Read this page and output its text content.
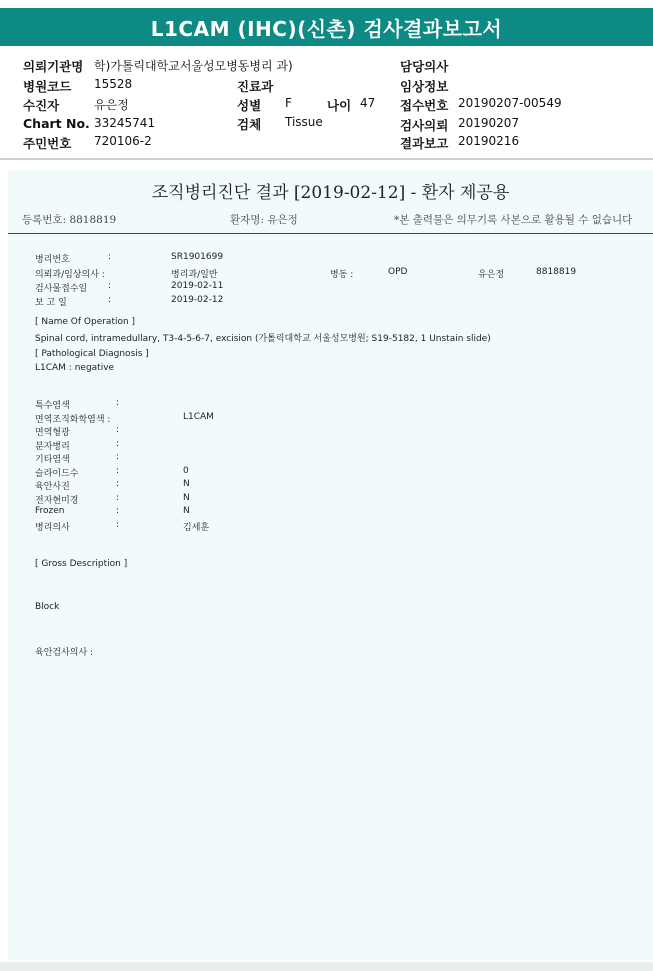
L1CAM (IHC)(신촌) 검사결과보고서
의뢰기관명 학)가톨릭대학교서울성모병동병리 과)	담당의사
병원코드 15528	진료과	임상정보
수진자	유은정	성별 F	나이 47 접수번호 20190207-00549
Chart No. 33245741	검체 Tissue	검사의뢰 20190207
주민번호 720106-2	결과보고 20190216
조직병리진단 결과 [2019-02-12] - 환자 제공용
등록번호: 8818819	환자명: 유은정	*본 출력물은 의무기록 사본으로 활용될 수 없습니다
병리번호	:	SR1901699
의뢰과/임상의사 :	병리과/일반	병동 :	OPD	유은정	8818819
검사물접수일 :	2019-02-11
보 고 일	:	2019-02-12
[ Name Of Operation ]
Spinal cord, intramedullary, T3-4-5-6-7, excision (가톨릭대학교 서울성모병원; S19-5182, 1 Unstain slide)
[ Pathological Diagnosis ]
L1CAM : negative
특수염색	:
면역조직화학염색 :	L1CAM
면역형광	:
분자병리	:
기타염색	:
슬라이드수	:	0
육안사진	:	N
전자현미경	:	N
Frozen	:	N
병리의사	:	김세훈
[ Gross Description ]
Block
육안검사의사 :
